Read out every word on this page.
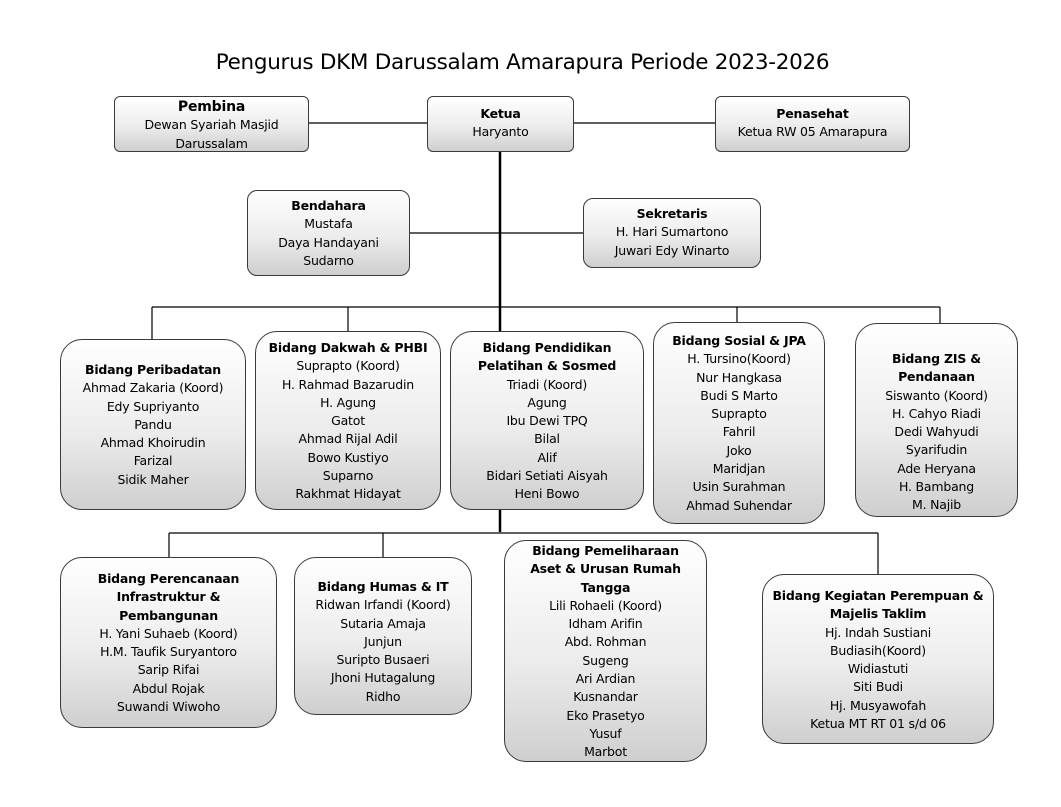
Pengurus DKM Darussalam Amarapura Periode 2023-2026
Pembina
Dewan Syariah Masjid
Darussalam
Ketua
Haryanto
Penasehat
Ketua RW 05 Amarapura
Bendahara
Mustafa
Daya Handayani
Sudarno
Sekretaris
H. Hari Sumartono
Juwari Edy Winarto
Bidang Peribadatan
Ahmad Zakaria (Koord)
Edy Supriyanto
Pandu
Ahmad Khoirudin
Farizal
Sidik Maher
Bidang Dakwah & PHBI
Suprapto (Koord)
H. Rahmad Bazarudin
H. Agung
Gatot
Ahmad Rijal Adil
Bowo Kustiyo
Suparno
Rakhmat Hidayat
Bidang Pendidikan
Pelatihan & Sosmed
Triadi (Koord)
Agung
Ibu Dewi TPQ
Bilal
Alif
Bidari Setiati Aisyah
Heni Bowo
Bidang Sosial & JPA
H. Tursino(Koord)
Nur Hangkasa
Budi S Marto
Suprapto
Fahril
Joko
Maridjan
Usin Surahman
Ahmad Suhendar
Bidang ZIS &
Pendanaan
Siswanto (Koord)
H. Cahyo Riadi
Dedi Wahyudi
Syarifudin
Ade Heryana
H. Bambang
M. Najib
Bidang Perencanaan
Infrastruktur &
Pembangunan
H. Yani Suhaeb (Koord)
H.M. Taufik Suryantoro
Sarip Rifai
Abdul Rojak
Suwandi Wiwoho
Bidang Humas & IT
Ridwan Irfandi (Koord)
Sutaria Amaja
Junjun
Suripto Busaeri
Jhoni Hutagalung
Ridho
Bidang Pemeliharaan
Aset & Urusan Rumah
Tangga
Lili Rohaeli (Koord)
Idham Arifin
Abd. Rohman
Sugeng
Ari Ardian
Kusnandar
Eko Prasetyo
Yusuf
Marbot
Bidang Kegiatan Perempuan &
Majelis Taklim
Hj. Indah Sustiani
Budiasih(Koord)
Widiastuti
Siti Budi
Hj. Musyawofah
Ketua MT RT 01 s/d 06
